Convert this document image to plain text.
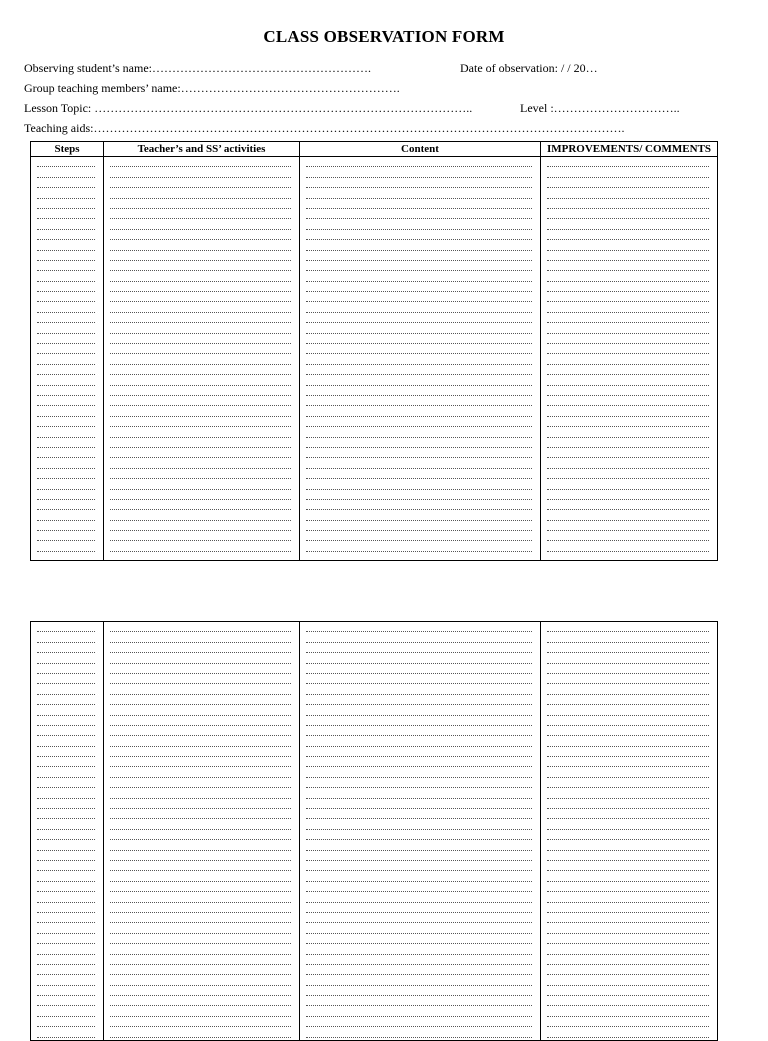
CLASS OBSERVATION FORM
Observing student’s name:……………………………………………….	Date of observation: / / 20…
Group teaching members’ name:……………………………………………….
Lesson Topic: …………………………………………………………………………………..	Level :…………………………..
Teaching aids:…………………………………………………………………………………………………………………….
Steps	Teacher’s and SS’ activities	Content	IMPROVEMENTS/ COMMENTS
